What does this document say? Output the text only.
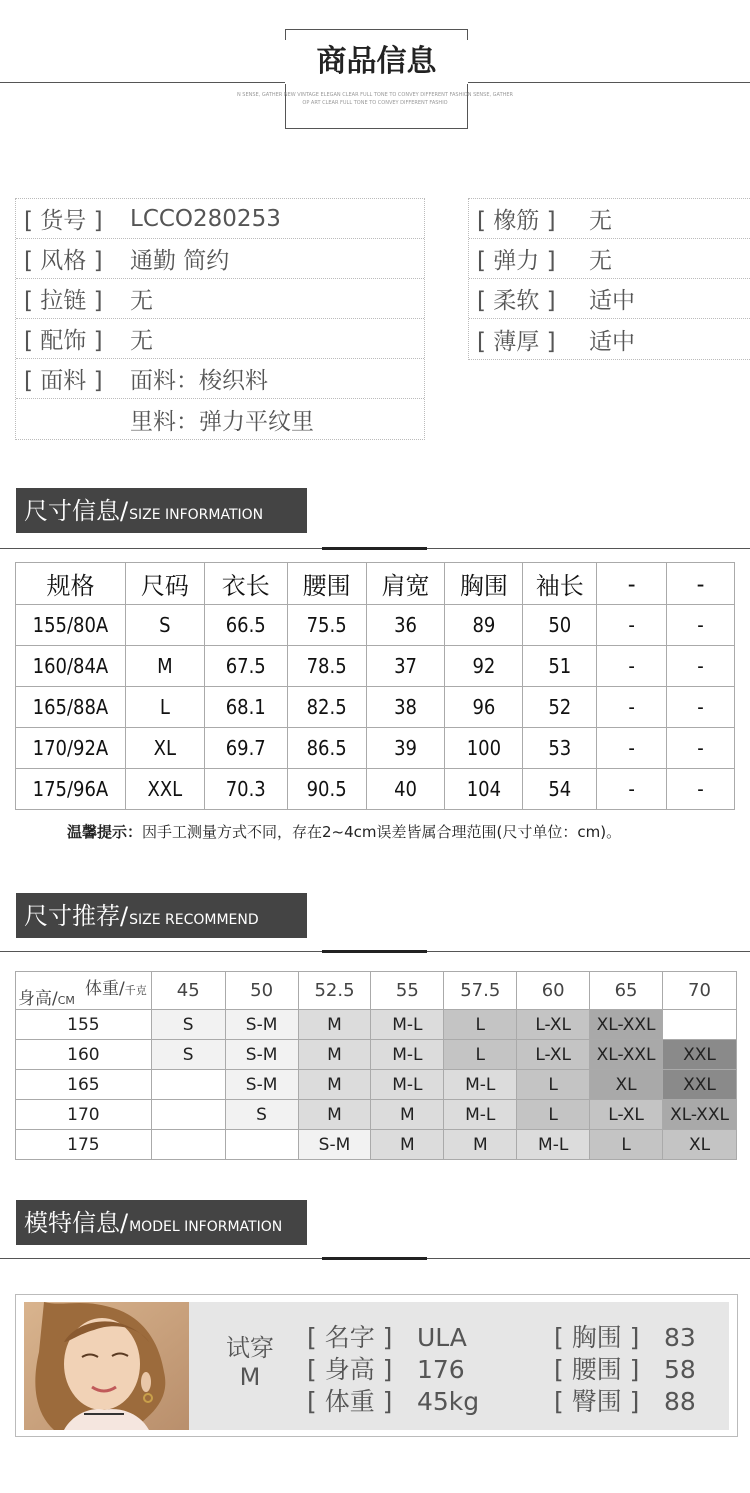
商品信息
N SENSE, GATHER NEW VINTAGE ELEGAN CLEAR FULL TONE TO CONVEY DIFFERENT FASHION SENSE, GATHER
OP ART CLEAR FULL TONE TO CONVEY DIFFERENT FASHIO
[ 货号 ]	LCCO280253
[ 风格 ]	通勤 简约
[ 拉链 ]	无
[ 配饰 ]	无
[ 面料 ]	面料：梭织料
里料：弹力平纹里
[ 橡筋 ]	无
[ 弹力 ]	无
[ 柔软 ]	适中
[ 薄厚 ]	适中
尺寸信息/ SIZE INFORMATION
规格	尺码	衣长	腰围	肩宽	胸围	袖长	-	-
155/80A	S	66.5	75.5	36	89	50	-	-
160/84A	M	67.5	78.5	37	92	51	-	-
165/88A	L	68.1	82.5	38	96	52	-	-
170/92A	XL	69.7	86.5	39	100	53	-	-
175/96A	XXL	70.3	90.5	40	104	54	-	-
温馨提示：因手工测量方式不同，存在2~4cm误差皆属合理范围(尺寸单位：cm)。
尺寸推荐/ SIZE RECOMMEND
体重/千克
身高/CM	45	50	52.5	55	57.5	60	65	70
155	S	S-M	M	M-L	L	L-XL	XL-XXL	
160	S	S-M	M	M-L	L	L-XL	XL-XXL	XXL
165		S-M	M	M-L	M-L	L	XL	XXL
170		S	M	M	M-L	L	L-XL	XL-XXL
175			S-M	M	M	M-L	L	XL
模特信息/ MODEL INFORMATION
试穿
M
[ 名字 ] ULA
[ 身高 ] 176
[ 体重 ] 45kg
[ 胸围 ] 83
[ 腰围 ] 58
[ 臀围 ] 88
